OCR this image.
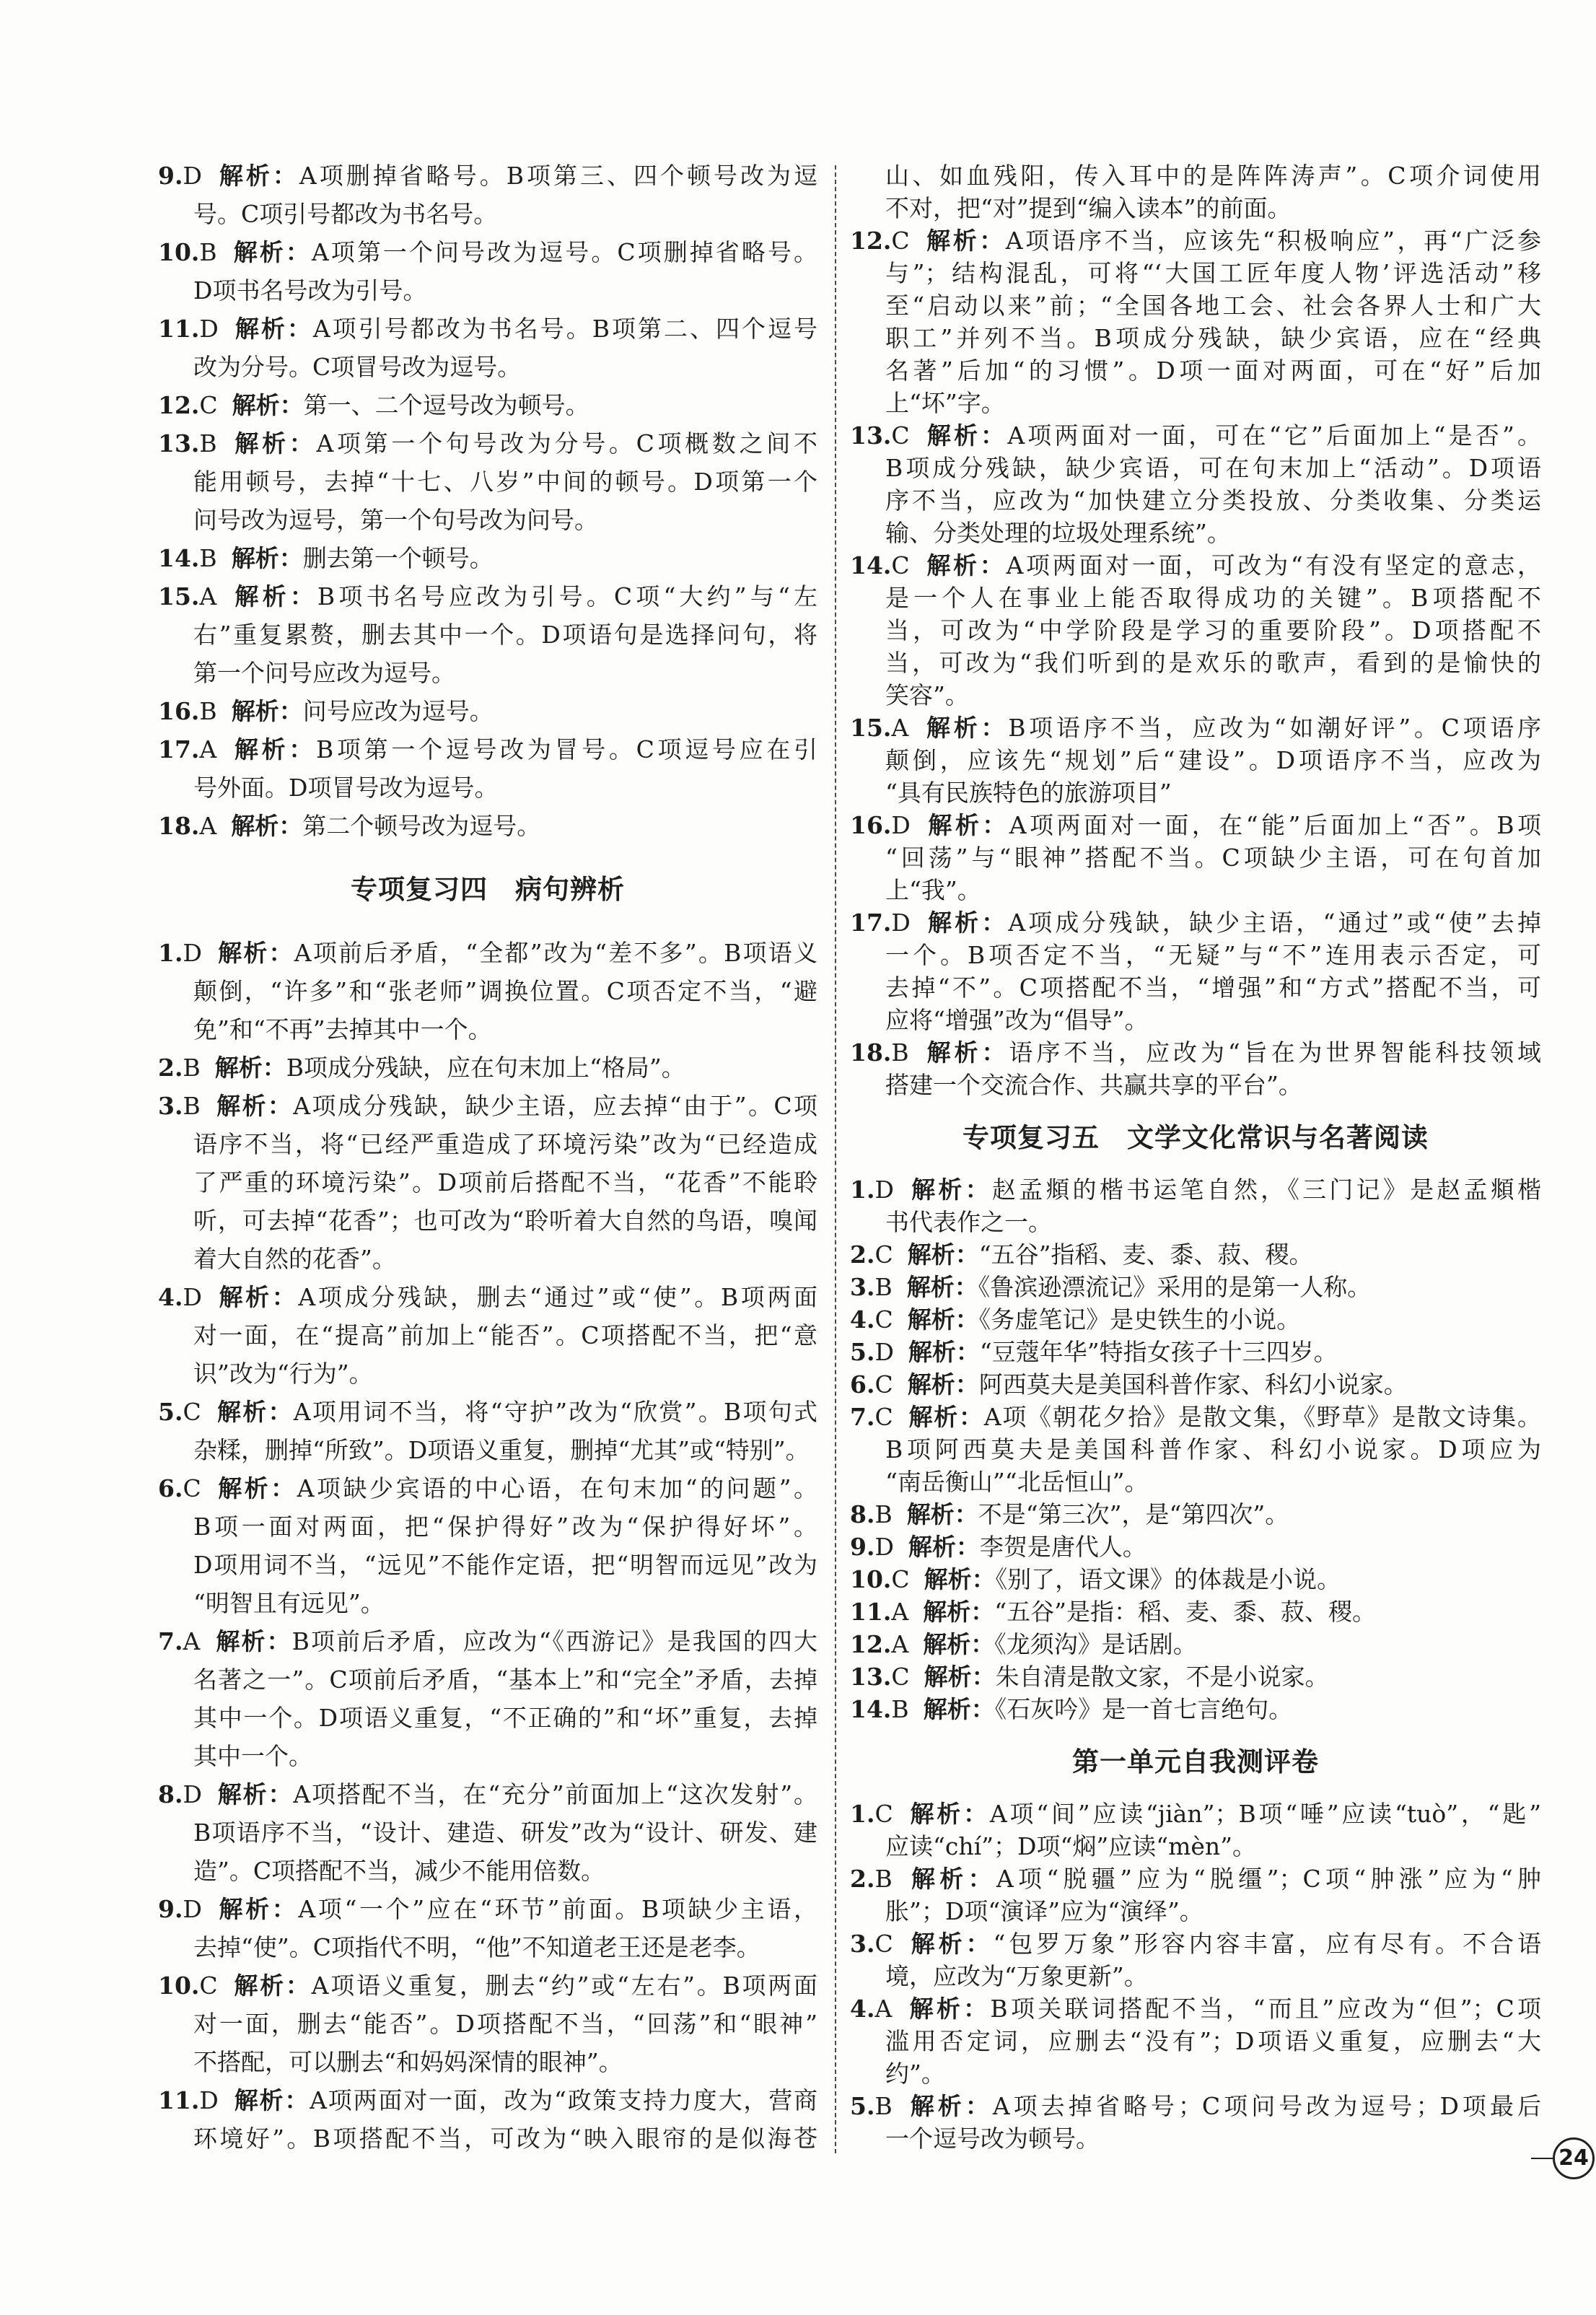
9.D 解析：A项删掉省略号。B项第三、四个顿号改为逗
号。C项引号都改为书名号。
10.B 解析：A项第一个问号改为逗号。C项删掉省略号。
D项书名号改为引号。
11.D 解析：A项引号都改为书名号。B项第二、四个逗号
改为分号。C项冒号改为逗号。
12.C 解析：第一、二个逗号改为顿号。
13.B 解析：A项第一个句号改为分号。C项概数之间不
能用顿号，去掉“十七、八岁”中间的顿号。D项第一个
问号改为逗号，第一个句号改为问号。
14.B 解析：删去第一个顿号。
15.A 解析：B项书名号应改为引号。C项“大约”与“左
右”重复累赘，删去其中一个。D项语句是选择问句，将
第一个问号应改为逗号。
16.B 解析：问号应改为逗号。
17.A 解析：B项第一个逗号改为冒号。C项逗号应在引
号外面。D项冒号改为逗号。
18.A 解析：第二个顿号改为逗号。
专项复习四　病句辨析
1.D 解析：A项前后矛盾，“全都”改为“差不多”。B项语义
颠倒，“许多”和“张老师”调换位置。C项否定不当，“避
免”和“不再”去掉其中一个。
2.B 解析：B项成分残缺，应在句末加上“格局”。
3.B 解析：A项成分残缺，缺少主语，应去掉“由于”。C项
语序不当，将“已经严重造成了环境污染”改为“已经造成
了严重的环境污染”。D项前后搭配不当，“花香”不能聆
听，可去掉“花香”；也可改为“聆听着大自然的鸟语，嗅闻
着大自然的花香”。
4.D 解析：A项成分残缺，删去“通过”或“使”。B项两面
对一面，在“提高”前加上“能否”。C项搭配不当，把“意
识”改为“行为”。
5.C 解析：A项用词不当，将“守护”改为“欣赏”。B项句式
杂糅，删掉“所致”。D项语义重复，删掉“尤其”或“特别”。
6.C 解析：A项缺少宾语的中心语，在句末加“的问题”。
B项一面对两面，把“保护得好”改为“保护得好坏”。
D项用词不当，“远见”不能作定语，把“明智而远见”改为
“明智且有远见”。
7.A 解析：B项前后矛盾，应改为“《西游记》是我国的四大
名著之一”。C项前后矛盾，“基本上”和“完全”矛盾，去掉
其中一个。D项语义重复，“不正确的”和“坏”重复，去掉
其中一个。
8.D 解析：A项搭配不当，在“充分”前面加上“这次发射”。
B项语序不当，“设计、建造、研发”改为“设计、研发、建
造”。C项搭配不当，减少不能用倍数。
9.D 解析：A项“一个”应在“环节”前面。B项缺少主语，
去掉“使”。C项指代不明，“他”不知道老王还是老李。
10.C 解析：A项语义重复，删去“约”或“左右”。B项两面
对一面，删去“能否”。D项搭配不当，“回荡”和“眼神”
不搭配，可以删去“和妈妈深情的眼神”。
11.D 解析：A项两面对一面，改为“政策支持力度大，营商
环境好”。B项搭配不当，可改为“映入眼帘的是似海苍
山、如血残阳，传入耳中的是阵阵涛声”。C项介词使用
不对，把“对”提到“编入读本”的前面。
12.C 解析：A项语序不当，应该先“积极响应”，再“广泛参
与”；结构混乱，可将“‘大国工匠年度人物’评选活动”移
至“启动以来”前；“全国各地工会、社会各界人士和广大
职工”并列不当。B项成分残缺，缺少宾语，应在“经典
名著”后加“的习惯”。D项一面对两面，可在“好”后加
上“坏”字。
13.C 解析：A项两面对一面，可在“它”后面加上“是否”。
B项成分残缺，缺少宾语，可在句末加上“活动”。D项语
序不当，应改为“加快建立分类投放、分类收集、分类运
输、分类处理的垃圾处理系统”。
14.C 解析：A项两面对一面，可改为“有没有坚定的意志，
是一个人在事业上能否取得成功的关键”。B项搭配不
当，可改为“中学阶段是学习的重要阶段”。D项搭配不
当，可改为“我们听到的是欢乐的歌声，看到的是愉快的
笑容”。
15.A 解析：B项语序不当，应改为“如潮好评”。C项语序
颠倒，应该先“规划”后“建设”。D项语序不当，应改为
“具有民族特色的旅游项目”
16.D 解析：A项两面对一面，在“能”后面加上“否”。B项
“回荡”与“眼神”搭配不当。C项缺少主语，可在句首加
上“我”。
17.D 解析：A项成分残缺，缺少主语，“通过”或“使”去掉
一个。B项否定不当，“无疑”与“不”连用表示否定，可
去掉“不”。C项搭配不当，“增强”和“方式”搭配不当，可
应将“增强”改为“倡导”。
18.B 解析：语序不当，应改为“旨在为世界智能科技领域
搭建一个交流合作、共赢共享的平台”。
专项复习五　文学文化常识与名著阅读
1.D 解析：赵孟頫的楷书运笔自然，《三门记》是赵孟頫楷
书代表作之一。
2.C 解析：“五谷”指稻、麦、黍、菽、稷。
3.B 解析：《鲁滨逊漂流记》采用的是第一人称。
4.C 解析：《务虚笔记》是史铁生的小说。
5.D 解析：“豆蔻年华”特指女孩子十三四岁。
6.C 解析：阿西莫夫是美国科普作家、科幻小说家。
7.C 解析：A项《朝花夕拾》是散文集，《野草》是散文诗集。
B项阿西莫夫是美国科普作家、科幻小说家。D项应为
“南岳衡山”“北岳恒山”。
8.B 解析：不是“第三次”，是“第四次”。
9.D 解析：李贺是唐代人。
10.C 解析：《别了，语文课》的体裁是小说。
11.A 解析：“五谷”是指：稻、麦、黍、菽、稷。
12.A 解析：《龙须沟》是话剧。
13.C 解析：朱自清是散文家，不是小说家。
14.B 解析：《石灰吟》是一首七言绝句。
第一单元自我测评卷
1.C 解析：A项“间”应读“jiàn”；B项“唾”应读“tuò”，“匙”
应读“chí”；D项“焖”应读“mèn”。
2.B 解析：A项“脱疆”应为“脱缰”；C项“肿涨”应为“肿
胀”；D项“演译”应为“演绎”。
3.C 解析：“包罗万象”形容内容丰富，应有尽有。不合语
境，应改为“万象更新”。
4.A 解析：B项关联词搭配不当，“而且”应改为“但”；C项
滥用否定词，应删去“没有”；D项语义重复，应删去“大
约”。
5.B 解析：A项去掉省略号；C项问号改为逗号；D项最后
一个逗号改为顿号。
24
